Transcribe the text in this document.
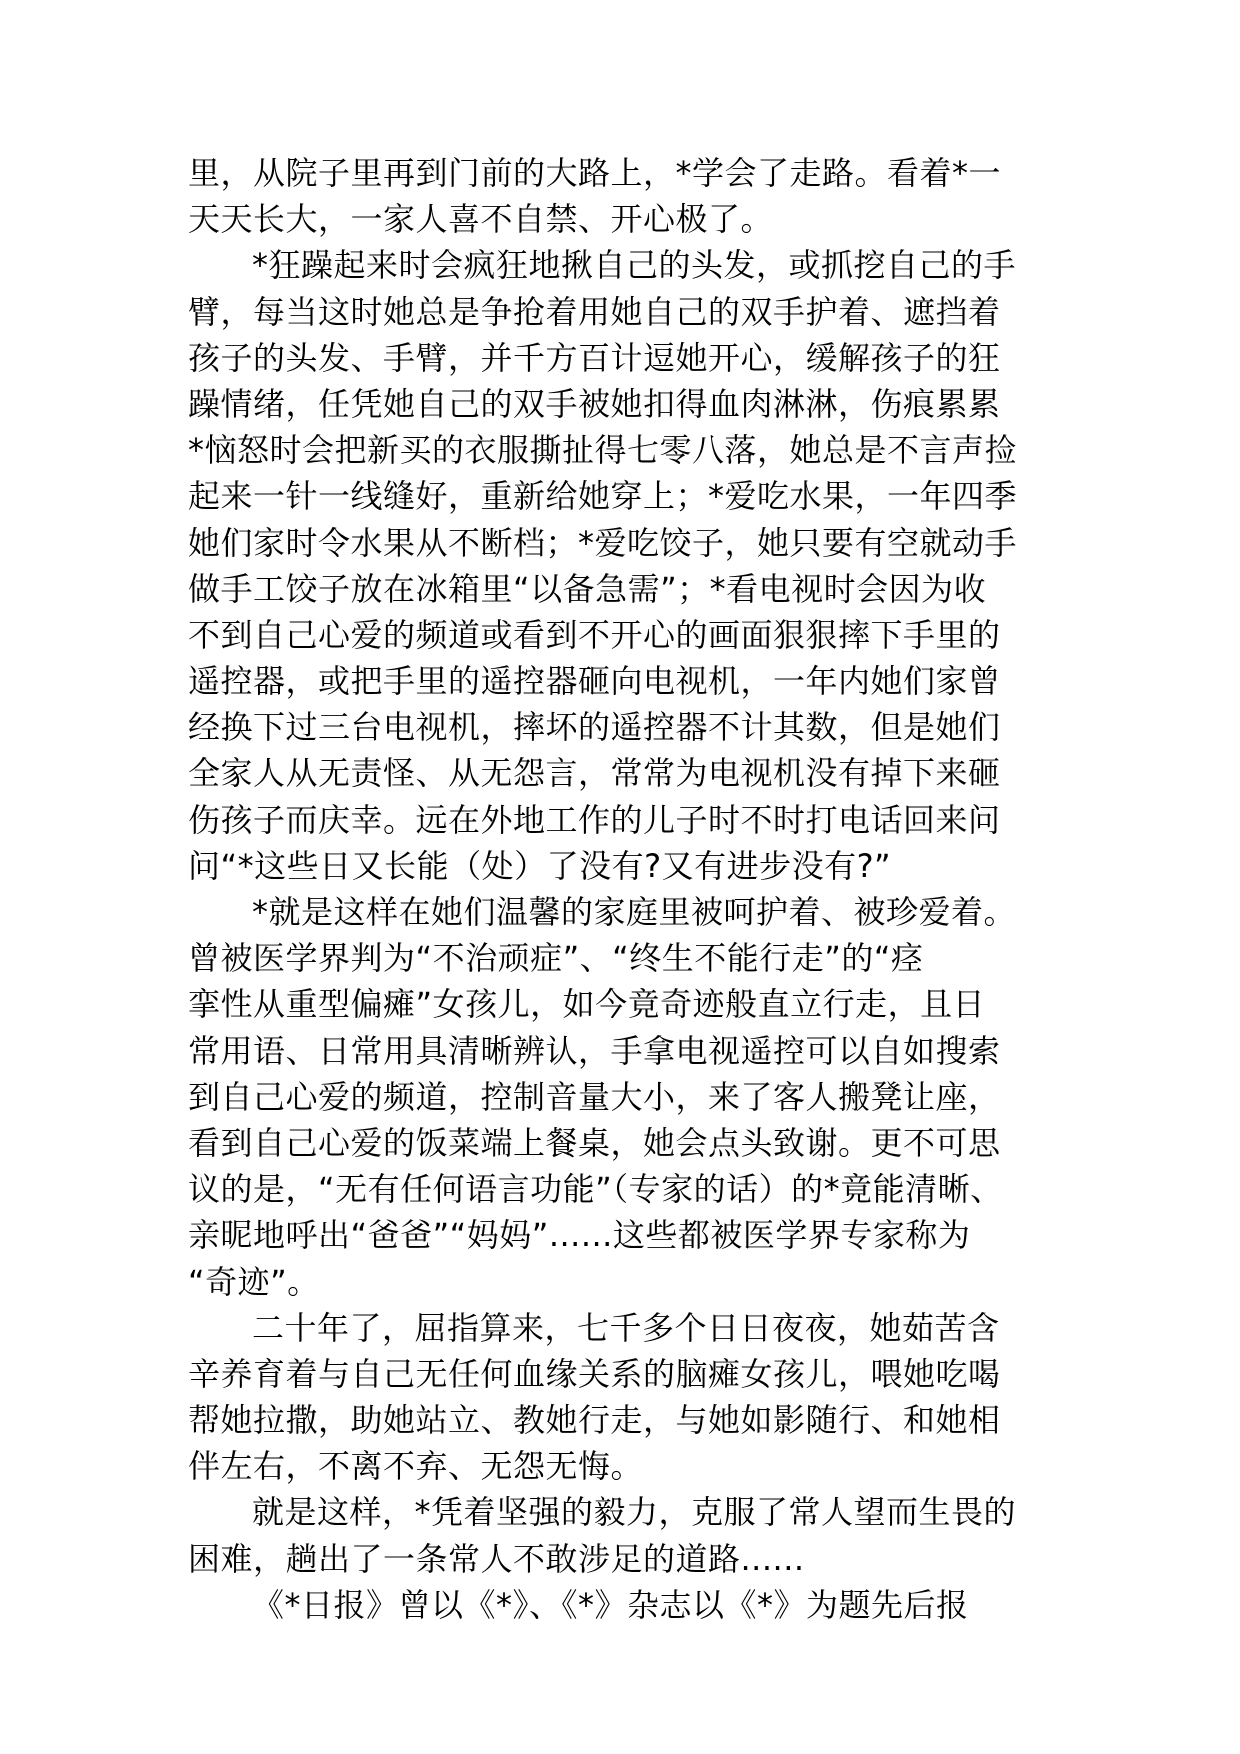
里，从院子里再到门前的大路上，*学会了走路。看着*一
天天长大，一家人喜不自禁、开心极了。
*狂躁起来时会疯狂地揪自己的头发，或抓挖自己的手
臂，每当这时她总是争抢着用她自己的双手护着、遮挡着
孩子的头发、手臂，并千方百计逗她开心，缓解孩子的狂
躁情绪，任凭她自己的双手被她扣得血肉淋淋，伤痕累累
*恼怒时会把新买的衣服撕扯得七零八落，她总是不言声捡
起来一针一线缝好，重新给她穿上；*爱吃水果，一年四季
她们家时令水果从不断档；*爱吃饺子，她只要有空就动手
做手工饺子放在冰箱里“以备急需”；*看电视时会因为收
不到自己心爱的频道或看到不开心的画面狠狠摔下手里的
遥控器，或把手里的遥控器砸向电视机，一年内她们家曾
经换下过三台电视机，摔坏的遥控器不计其数，但是她们
全家人从无责怪、从无怨言，常常为电视机没有掉下来砸
伤孩子而庆幸。远在外地工作的儿子时不时打电话回来问
问“*这些日又长能（处）了没有?又有进步没有?”
*就是这样在她们温馨的家庭里被呵护着、被珍爱着。
曾被医学界判为“不治顽症”、“终生不能行走”的“痉
挛性从重型偏瘫”女孩儿，如今竟奇迹般直立行走，且日
常用语、日常用具清晰辨认，手拿电视遥控可以自如搜索
到自己心爱的频道，控制音量大小，来了客人搬凳让座，
看到自己心爱的饭菜端上餐桌，她会点头致谢。更不可思
议的是，“无有任何语言功能”（专家的话）的*竟能清晰、
亲昵地呼出“爸爸”“妈妈”......这些都被医学界专家称为
“奇迹”。
二十年了，屈指算来，七千多个日日夜夜，她茹苦含
辛养育着与自己无任何血缘关系的脑瘫女孩儿，喂她吃喝
帮她拉撒，助她站立、教她行走，与她如影随行、和她相
伴左右，不离不弃、无怨无悔。
就是这样，*凭着坚强的毅力，克服了常人望而生畏的
困难，趟出了一条常人不敢涉足的道路......
《*日报》曾以《*》、《*》杂志以《*》为题先后报
